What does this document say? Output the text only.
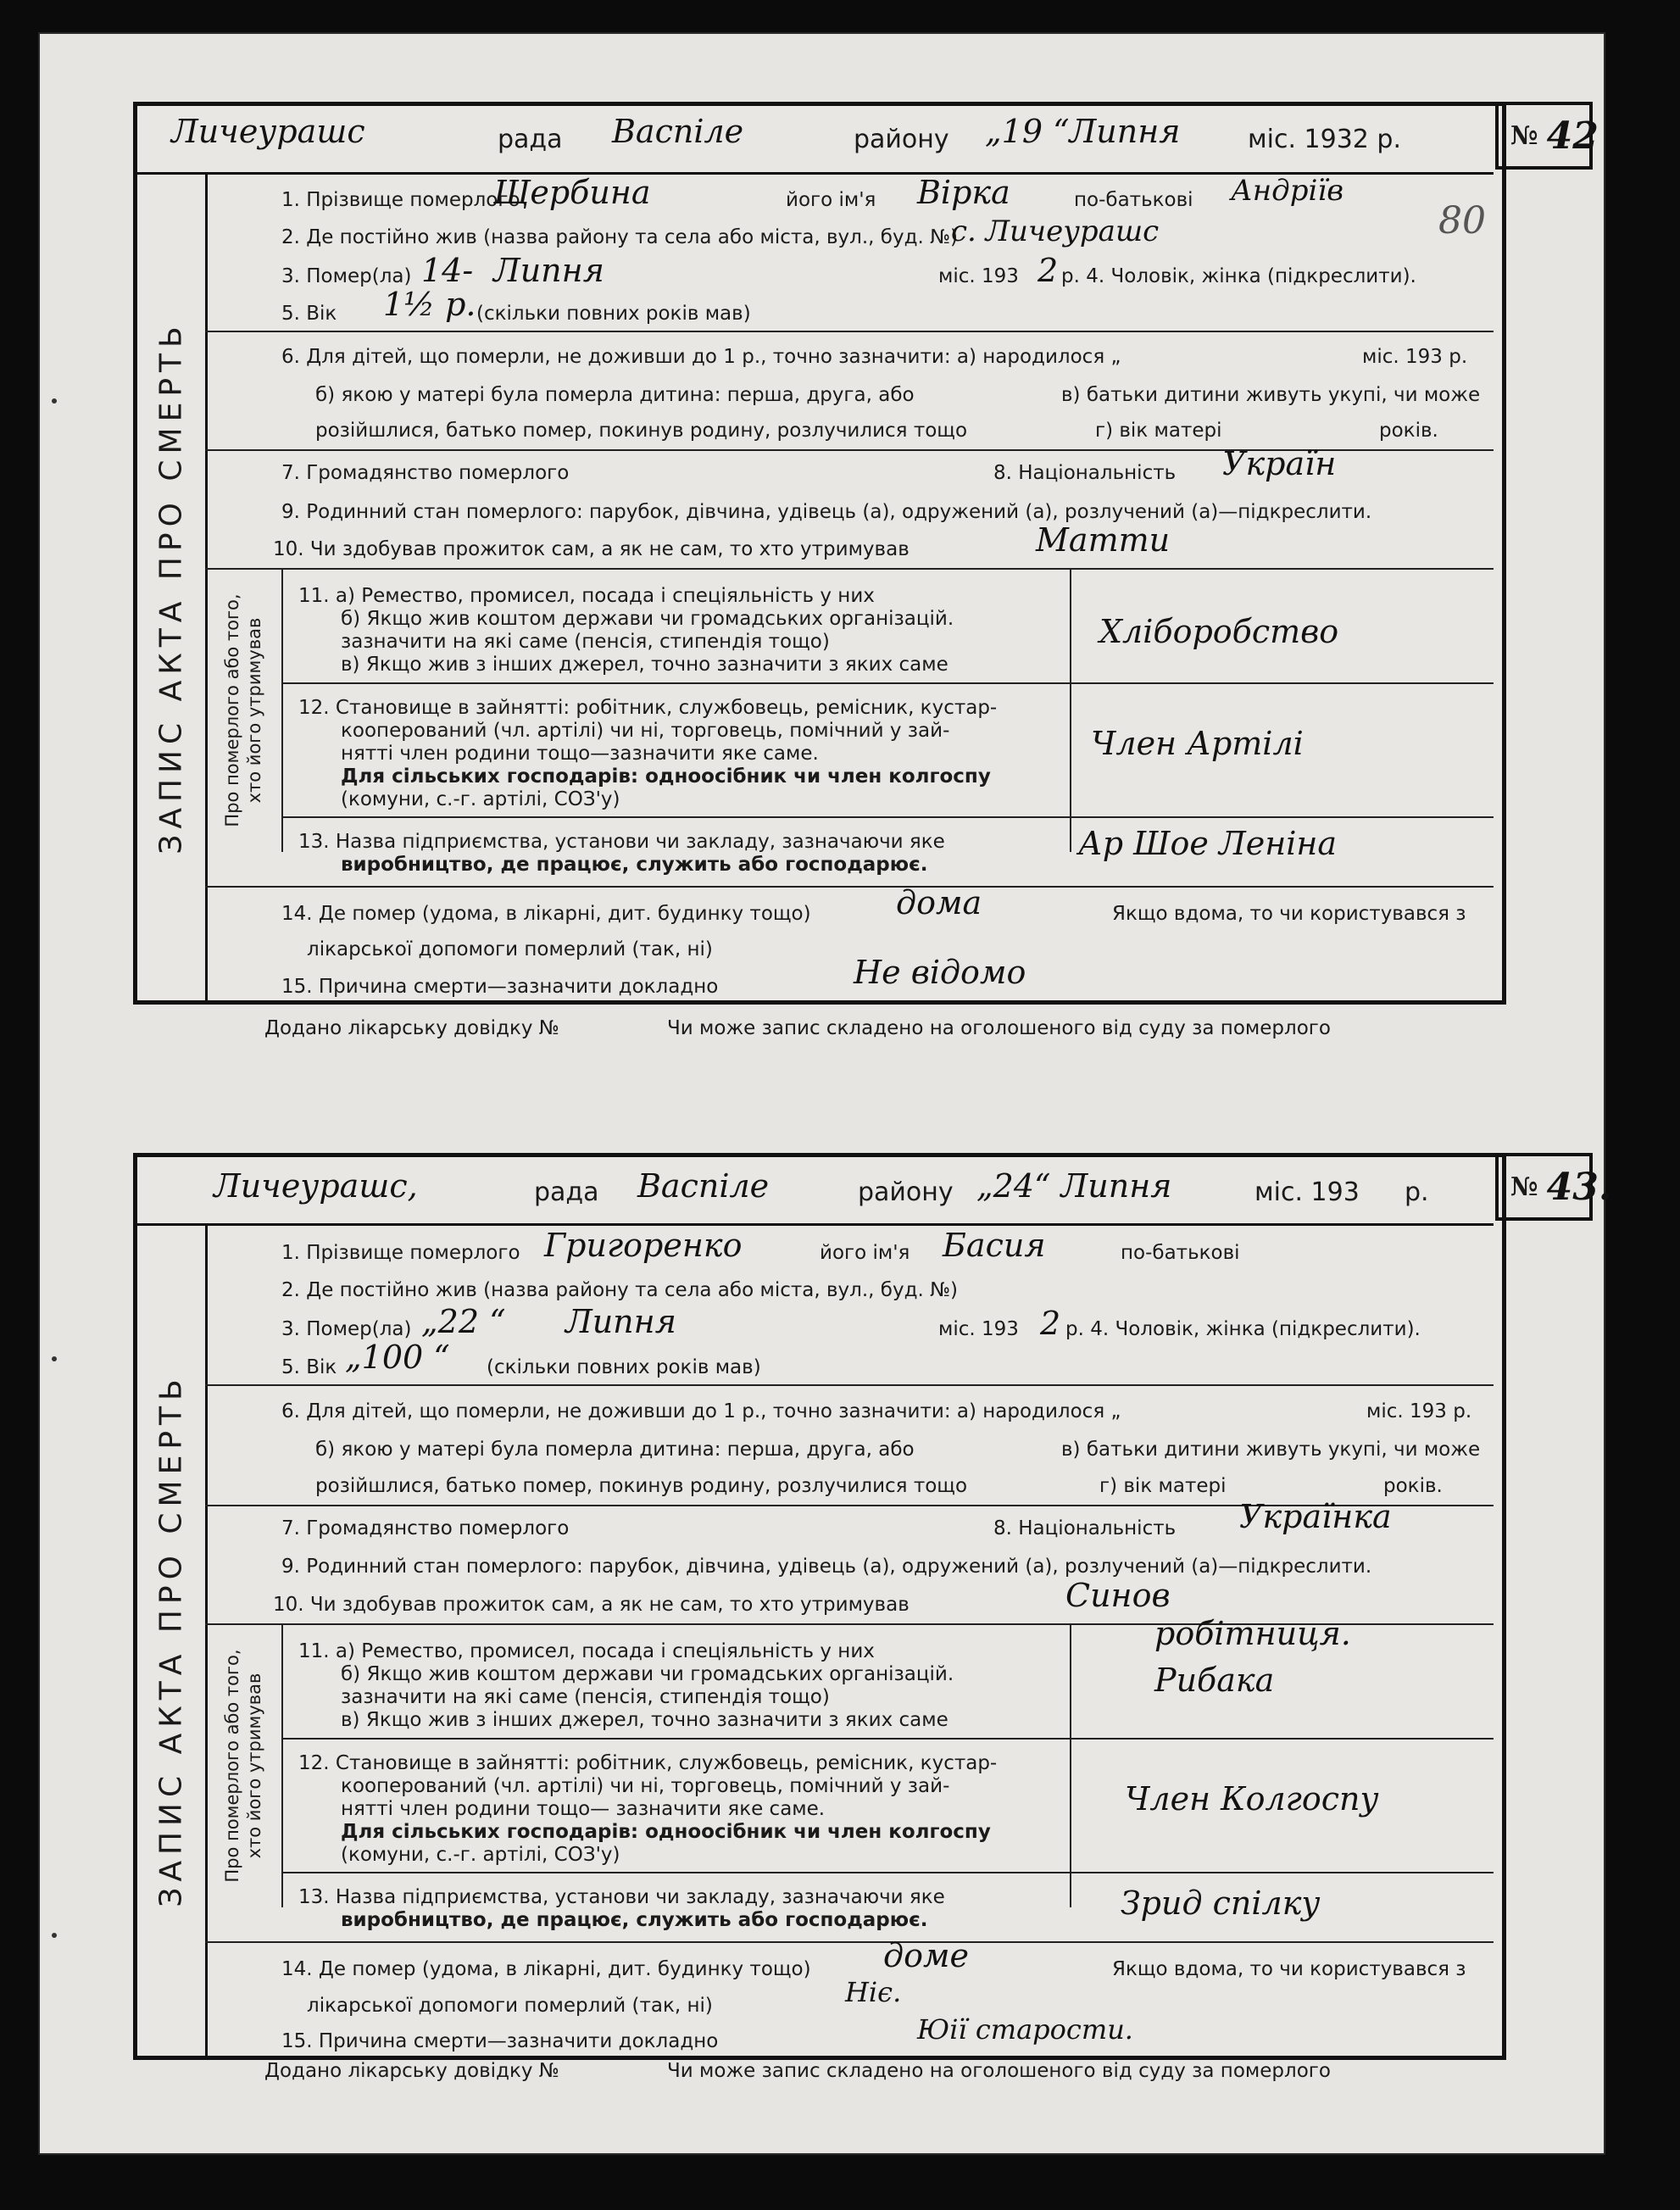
Личеурашс	рада Васпіле	району „19 “Липня	міс. 1932 р.	№ 42
ЗАПИС АКТА ПРО СМЕРТЬ
1. Прізвище померлого
Щербина	його ім'я Віркa	по-батькові Андріїв
2. Де постійно жив (назва району та села або міста, вул., буд. №)
с. Личеурашс
3. Помер(ла) 14- Липня	міс. 193 2 р. 4. Чоловік, жінка (підкреслити).
5. Вік 1½ р. (скільки повних років мав)
6. Для дітей, що померли, не доживши до 1 р., точно зазначити: а) народилося „	міс. 193 р.
б) якою у матері була померла дитина: перша, друга, або	в) батьки дитини живуть укупі, чи може
розійшлися, батько помер, покинув родину, розлучилися тощо	г) вік матері	років.
7. Громадянство померлого	8. Національність Україн
9. Родинний стан померлого: парубок, дівчина, удівець (а), одружений (а), розлучений (а)—підкреслити.
10. Чи здобував прожиток сам, а як не сам, то хто утримував	Матти
Про померлого або того,
хто його утримував
11. а) Ремество, промисел, посада і спеціяльність у них
б) Якщо жив коштом держави чи громадських організацій.
зазначити на які саме (пенсія, стипендія тощо)
в) Якщо жив з інших джерел, точно зазначити з яких саме
Хліборобство
12. Становище в зайнятті: робітник, службовець, ремісник, кустар-
кооперований (чл. артілі) чи ні, торговець, помічний у зай-
нятті член родини тощо—зазначити яке саме.
Для сільських господарів: одноосібник чи член колгоспу
(комуни, с.-г. артілі, СОЗ'у)
Член Артілі
13. Назва підприємства, установи чи закладу, зазначаючи яке
виробництво, де працює, служить або господарює.
Ар Шое Леніна
14. Де помер (удома, в лікарні, дит. будинку тощо)	дома	Якщо вдома, то чи користувався з
лікарської допомоги померлий (так, ні)
15. Причина смерти—зазначити докладно	Не відомо
Додано лікарську довідку №	Чи може запис складено на оголошеного від суду за померлого
80
Личеурашс,	рада Васпіле	району „24“ Липня	міс. 193 р.	№ 43.
ЗАПИС АКТА ПРО СМЕРТЬ
1. Прізвище померлого Григоренко	його ім'я Басия	по-батькові
2. Де постійно жив (назва району та села або міста, вул., буд. №)
3. Помер(ла) „22 “ Липня	міс. 193 2 р. 4. Чоловік, жінка (підкреслити).
5. Вік „100 “ (скільки повних років мав)
6. Для дітей, що померли, не доживши до 1 р., точно зазначити: а) народилося „	міс. 193 р.
б) якою у матері була померла дитина: перша, друга, або	в) батьки дитини живуть укупі, чи може
розійшлися, батько помер, покинув родину, розлучилися тощо	г) вік матері	років.
7. Громадянство померлого	8. Національність Українка
9. Родинний стан померлого: парубок, дівчина, удівець (а), одружений (а), розлучений (а)—підкреслити.
10. Чи здобував прожиток сам, а як не сам, то хто утримував	Синов
Про померлого або того,
хто його утримував
11. а) Ремество, промисел, посада і спеціяльність у них
б) Якщо жив коштом держави чи громадських організацій.
зазначити на які саме (пенсія, стипендія тощо)
в) Якщо жив з інших джерел, точно зазначити з яких саме
робітниця.
Рибака
12. Становище в зайнятті: робітник, службовець, ремісник, кустар-
кооперований (чл. артілі) чи ні, торговець, помічний у зай-
нятті член родини тощо— зазначити яке саме.
Для сільських господарів: одноосібник чи член колгоспу
(комуни, с.-г. артілі, СОЗ'у)
Член Колгоспу
13. Назва підприємства, установи чи закладу, зазначаючи яке
виробництво, де працює, служить або господарює.	Зрид спілку
14. Де помер (удома, в лікарні, дит. будинку тощо) доме	Якщо вдома, то чи користувався з
лікарської допомоги померлий (так, ні)	Ніє.
15. Причина смерти—зазначити докладно	Юії старости.
Додано лікарську довідку №	Чи може запис складено на оголошеного від суду за померлого
